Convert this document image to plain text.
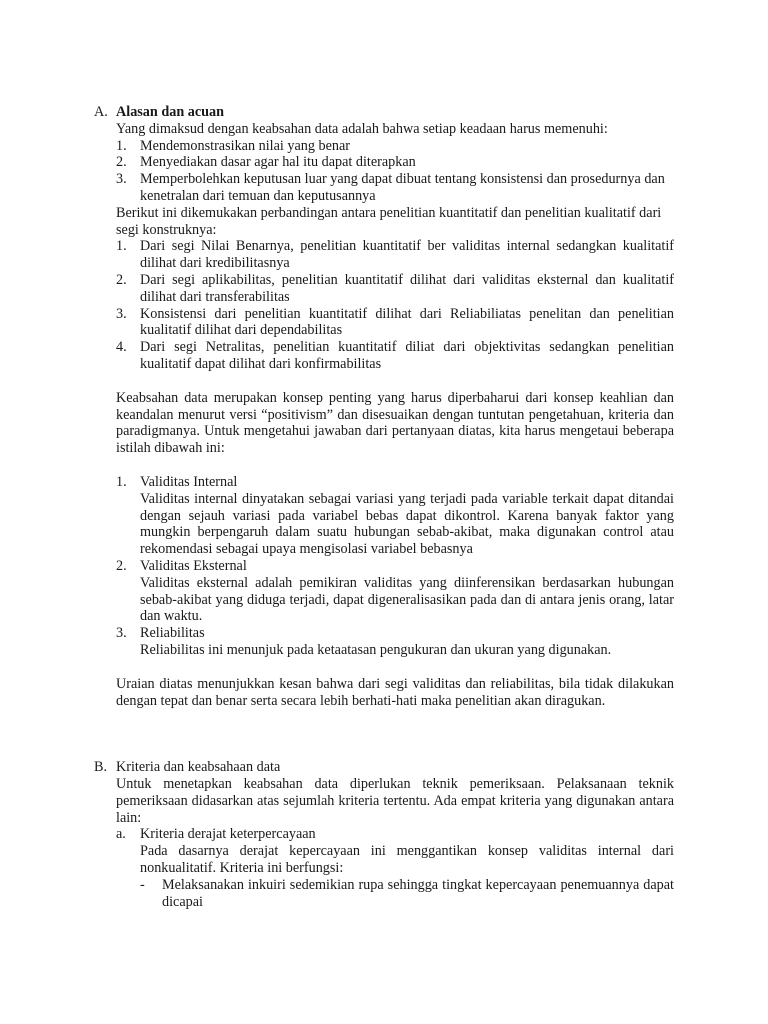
A. Alasan dan acuan
Yang dimaksud dengan keabsahan data adalah bahwa setiap keadaan harus memenuhi:
1. Mendemonstrasikan nilai yang benar
2. Menyediakan dasar agar hal itu dapat diterapkan
3. Memperbolehkan keputusan luar yang dapat dibuat tentang konsistensi dan prosedurnya dan kenetralan dari temuan dan keputusannya
Berikut ini dikemukakan perbandingan antara penelitian kuantitatif dan penelitian kualitatif dari segi konstruknya:
1. Dari segi Nilai Benarnya, penelitian kuantitatif ber validitas internal sedangkan kualitatif dilihat dari kredibilitasnya
2. Dari segi aplikabilitas, penelitian kuantitatif dilihat dari validitas eksternal dan kualitatif dilihat dari transferabilitas
3. Konsistensi dari penelitian kuantitatif dilihat dari Reliabiliatas penelitan dan penelitian kualitatif dilihat dari dependabilitas
4. Dari segi Netralitas, penelitian kuantitatif diliat dari objektivitas sedangkan penelitian kualitatif dapat dilihat dari konfirmabilitas
Keabsahan data merupakan konsep penting yang harus diperbaharui dari konsep keahlian dan keandalan menurut versi “positivism” dan disesuaikan dengan tuntutan pengetahuan, kriteria dan paradigmanya. Untuk mengetahui jawaban dari pertanyaan diatas, kita harus mengetaui beberapa istilah dibawah ini:
1. Validitas Internal
Validitas internal dinyatakan sebagai variasi yang terjadi pada variable terkait dapat ditandai dengan sejauh variasi pada variabel bebas dapat dikontrol. Karena banyak faktor yang mungkin berpengaruh dalam suatu hubungan sebab-akibat, maka digunakan control atau rekomendasi sebagai upaya mengisolasi variabel bebasnya
2. Validitas Eksternal
Validitas eksternal adalah pemikiran validitas yang diinferensikan berdasarkan hubungan sebab-akibat yang diduga terjadi, dapat digeneralisasikan pada dan di antara jenis orang, latar dan waktu.
3. Reliabilitas
Reliabilitas ini menunjuk pada ketaatasan pengukuran dan ukuran yang digunakan.
Uraian diatas menunjukkan kesan bahwa dari segi validitas dan reliabilitas, bila tidak dilakukan dengan tepat dan benar serta secara lebih berhati-hati maka penelitian akan diragukan.
B. Kriteria dan keabsahaan data
Untuk menetapkan keabsahan data diperlukan teknik pemeriksaan. Pelaksanaan teknik pemeriksaan didasarkan atas sejumlah kriteria tertentu. Ada empat kriteria yang digunakan antara lain:
a. Kriteria derajat keterpercayaan
Pada dasarnya derajat kepercayaan ini menggantikan konsep validitas internal dari nonkualitatif. Kriteria ini berfungsi:
-	Melaksanakan inkuiri sedemikian rupa sehingga tingkat kepercayaan penemuannya dapat dicapai
